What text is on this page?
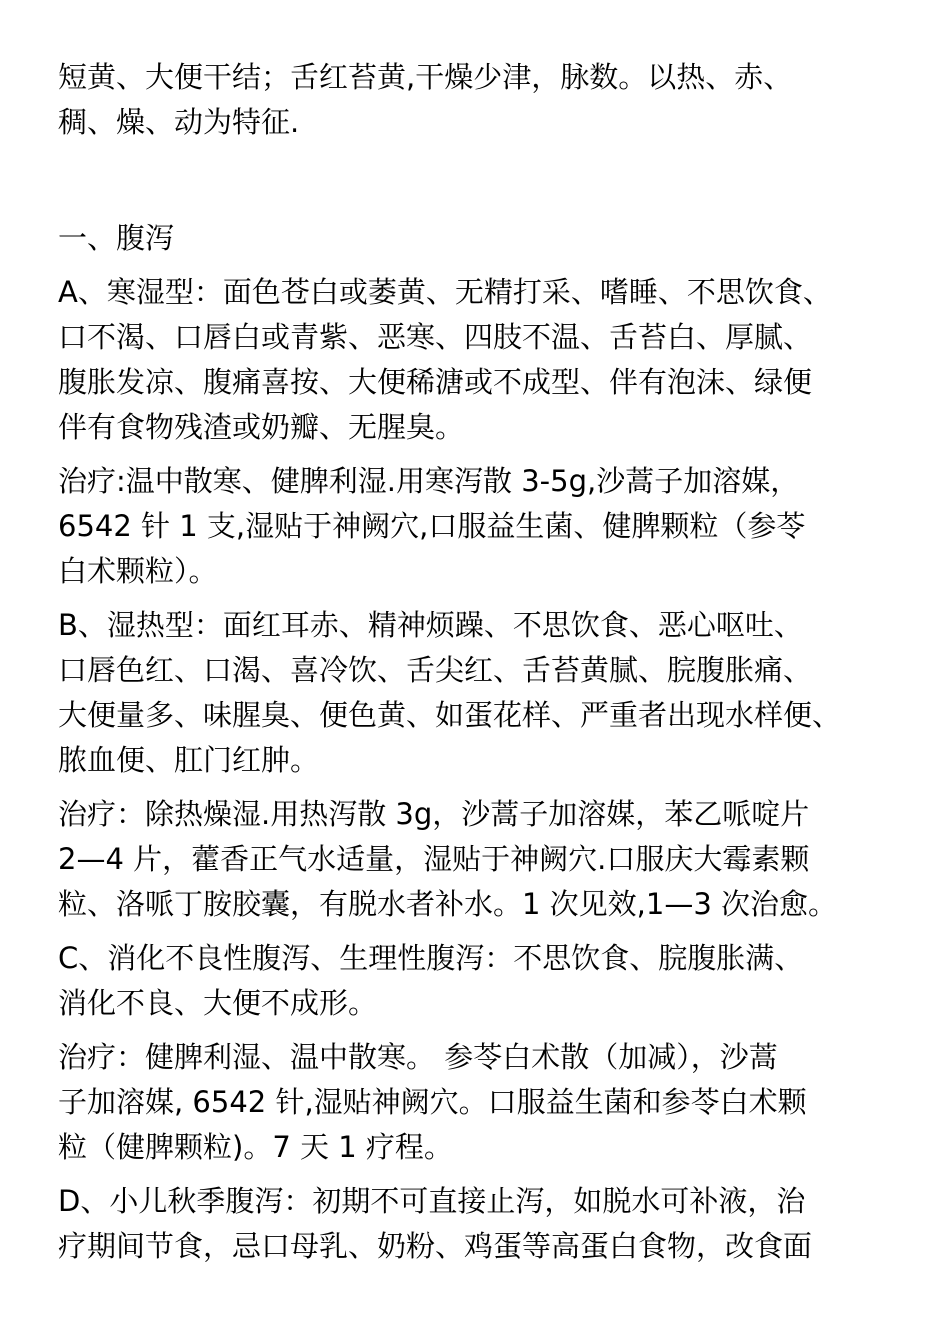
短黄、大便干结；舌红苔黄,干燥少津，脉数。以热、赤、
稠、燥、动为特征.
一、腹泻
A、寒湿型：面色苍白或萎黄、无精打采、嗜睡、不思饮食、
口不渴、口唇白或青紫、恶寒、四肢不温、舌苔白、厚腻、
腹胀发凉、腹痛喜按、大便稀溏或不成型、伴有泡沫、绿便
伴有食物残渣或奶瓣、无腥臭。
治疗:温中散寒、健脾利湿.用寒泻散 3-5g,沙蒿子加溶媒，
6542 针 1 支,湿贴于神阙穴,口服益生菌、健脾颗粒（参苓
白术颗粒）。
B、湿热型：面红耳赤、精神烦躁、不思饮食、恶心呕吐、
口唇色红、口渴、喜冷饮、舌尖红、舌苔黄腻、脘腹胀痛、
大便量多、味腥臭、便色黄、如蛋花样、严重者出现水样便、
脓血便、肛门红肿。
治疗：除热燥湿.用热泻散 3g，沙蒿子加溶媒，苯乙哌啶片
2—4 片，藿香正气水适量，湿贴于神阙穴.口服庆大霉素颗
粒、洛哌丁胺胶囊，有脱水者补水。1 次见效,1—3 次治愈。
C、消化不良性腹泻、生理性腹泻：不思饮食、脘腹胀满、
消化不良、大便不成形。
治疗：健脾利湿、温中散寒。 参苓白术散（加减），沙蒿
子加溶媒, 6542 针,湿贴神阙穴。口服益生菌和参苓白术颗
粒（健脾颗粒)。7 天 1 疗程。
D、小儿秋季腹泻：初期不可直接止泻，如脱水可补液，治
疗期间节食，忌口母乳、奶粉、鸡蛋等高蛋白食物，改食面
